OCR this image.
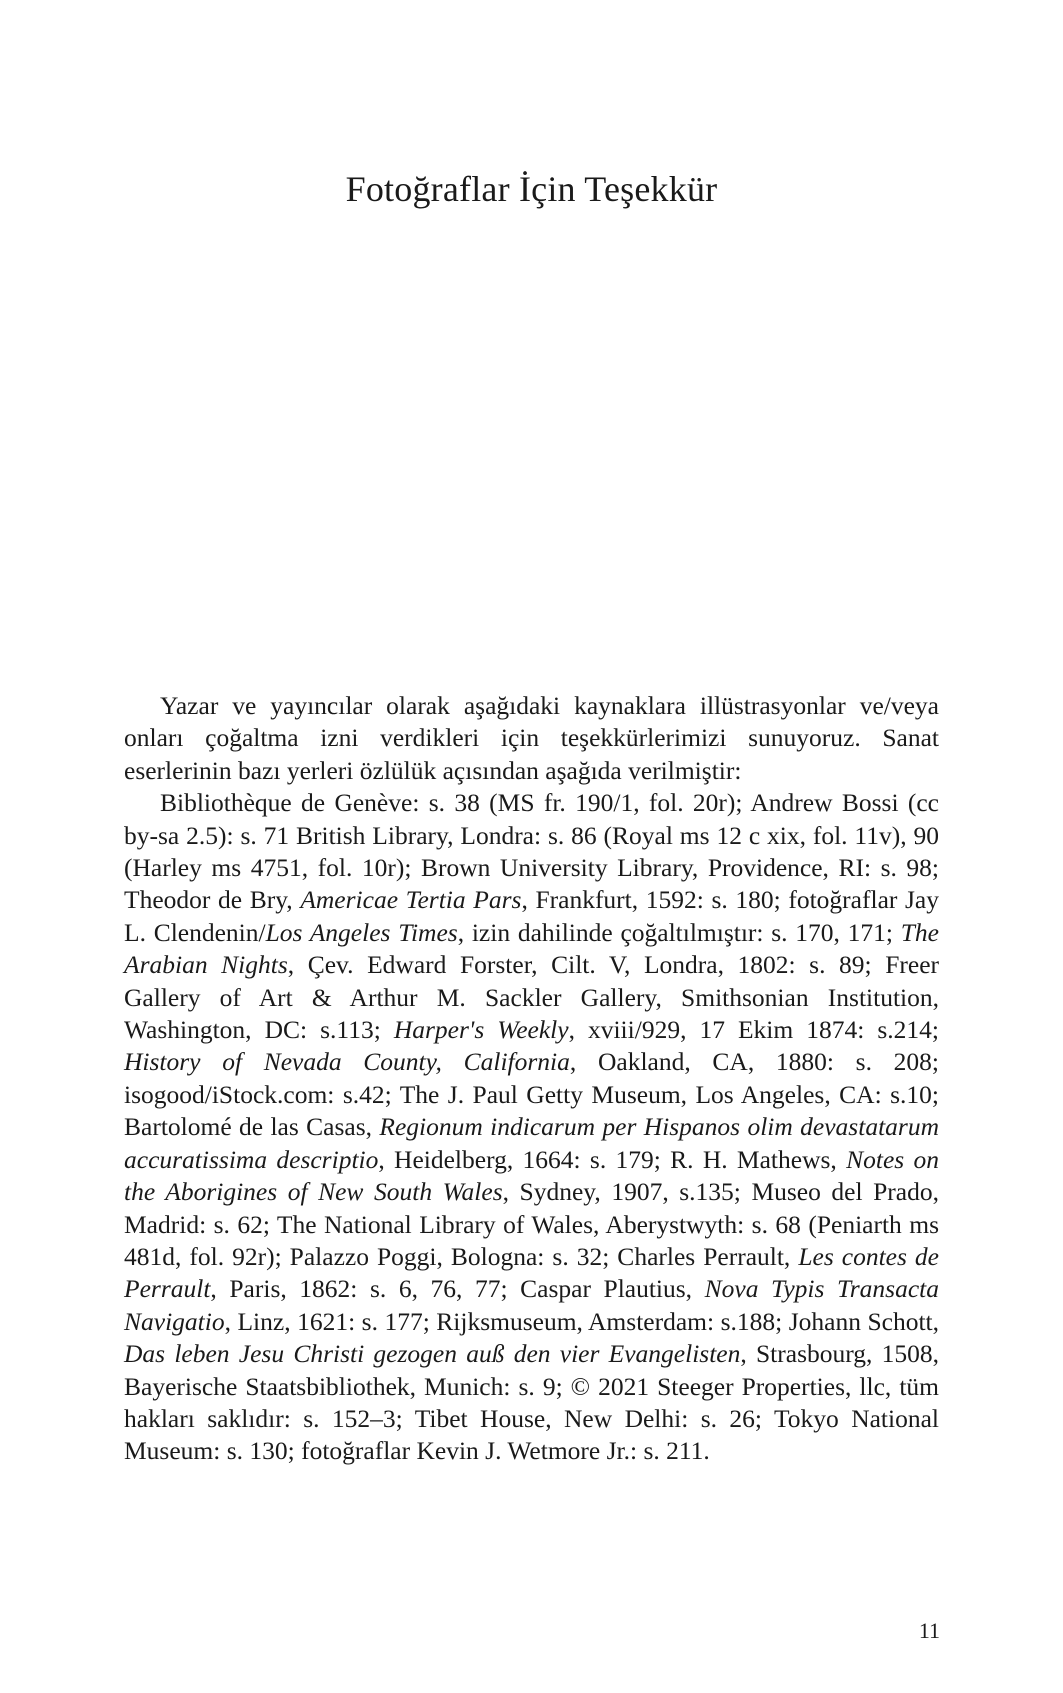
Fotoğraflar İçin Teşekkür

Yazar ve yayıncılar olarak aşağıdaki kaynaklara illüstrasyonlar ve/veya onları çoğaltma izni verdikleri için teşekkürlerimizi sunuyoruz. Sanat eserlerinin bazı yerleri özlülük açısından aşağıda verilmiştir:

Bibliothèque de Genève: s. 38 (MS fr. 190/1, fol. 20r); Andrew Bossi (cc by-sa 2.5): s. 71 British Library, Londra: s. 86 (Royal ms 12 c xix, fol. 11v), 90 (Harley ms 4751, fol. 10r); Brown University Library, Providence, RI: s. 98; Theodor de Bry, Americae Tertia Pars, Frankfurt, 1592: s. 180; fotoğraflar Jay L. Clendenin/Los Angeles Times, izin dahilinde çoğaltılmıştır: s. 170, 171; The Arabian Nights, Çev. Edward Forster, Cilt. V, Londra, 1802: s. 89; Freer Gallery of Art & Arthur M. Sackler Gallery, Smithsonian Institution, Washington, DC: s.113; Harper's Weekly, xviii/929, 17 Ekim 1874: s.214; History of Nevada County, California, Oakland, CA, 1880: s. 208; isogood/iStock.com: s.42; The J. Paul Getty Museum, Los Angeles, CA: s.10; Bartolomé de las Casas, Regionum indicarum per Hispanos olim devastatarum accuratissima descriptio, Heidelberg, 1664: s. 179; R. H. Mathews, Notes on the Aborigines of New South Wales, Sydney, 1907, s.135; Museo del Prado, Madrid: s. 62; The National Library of Wales, Aberystwyth: s. 68 (Peniarth ms 481d, fol. 92r); Palazzo Poggi, Bologna: s. 32; Charles Perrault, Les contes de Perrault, Paris, 1862: s. 6, 76, 77; Caspar Plautius, Nova Typis Transacta Navigatio, Linz, 1621: s. 177; Rijksmuseum, Amsterdam: s.188; Johann Schott, Das leben Jesu Christi gezogen auß den vier Evangelisten, Strasbourg, 1508, Bayerische Staatsbibliothek, Munich: s. 9; © 2021 Steeger Properties, llc, tüm hakları saklıdır: s. 152–3; Tibet House, New Delhi: s. 26; Tokyo National Museum: s. 130; fotoğraflar Kevin J. Wetmore Jr.: s. 211.

11
